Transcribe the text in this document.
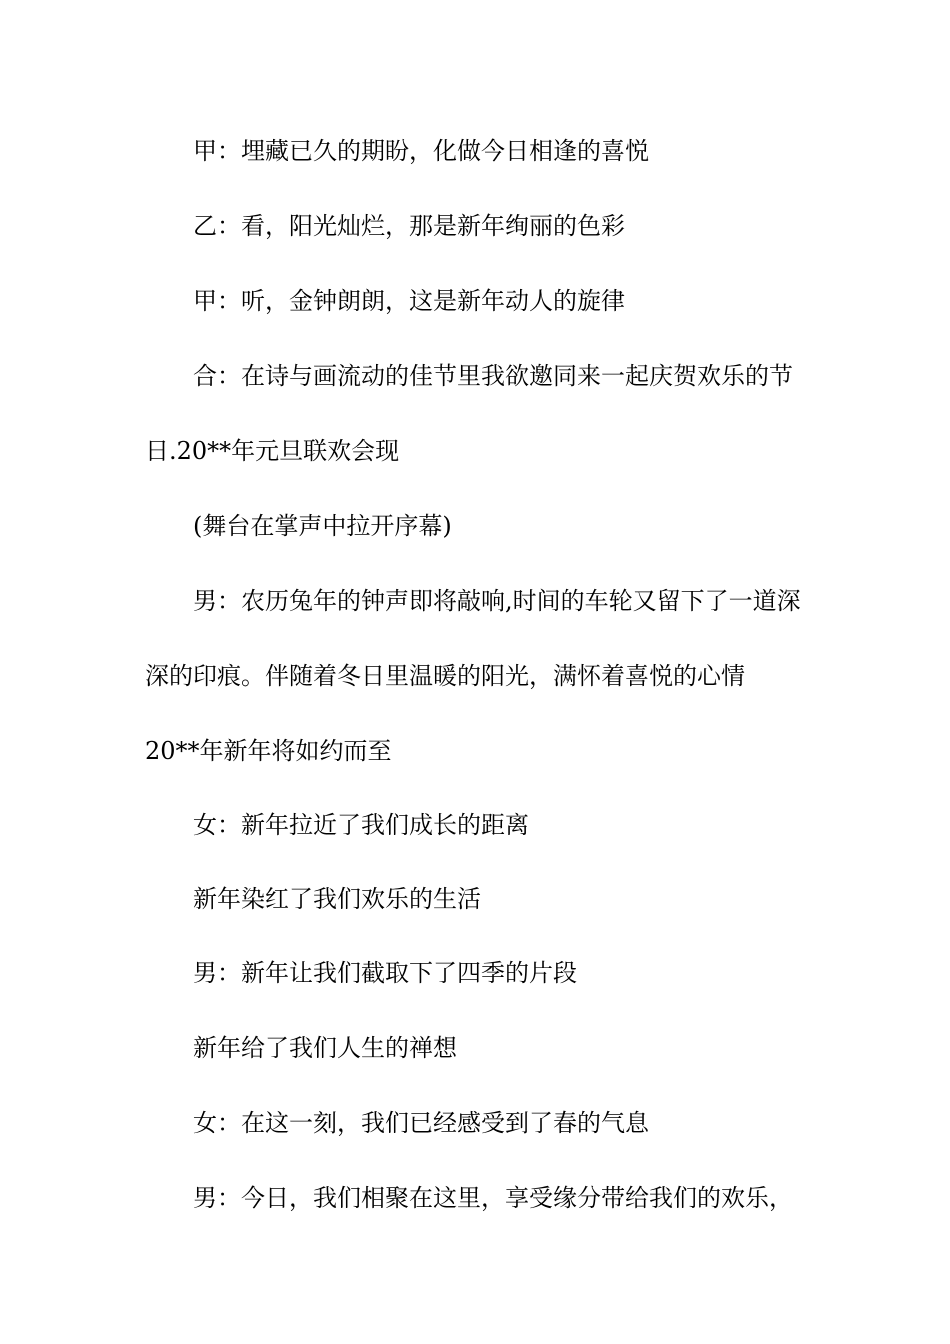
甲：埋藏已久的期盼，化做今日相逢的喜悦
乙：看，阳光灿烂，那是新年绚丽的色彩
甲：听，金钟朗朗，这是新年动人的旋律
合：在诗与画流动的佳节里我欲邀同来一起庆贺欢乐的节
日.20**年元旦联欢会现
(舞台在掌声中拉开序幕)
男：农历兔年的钟声即将敲响,时间的车轮又留下了一道深
深的印痕。伴随着冬日里温暖的阳光，满怀着喜悦的心情
20**年新年将如约而至
女：新年拉近了我们成长的距离
新年染红了我们欢乐的生活
男：新年让我们截取下了四季的片段
新年给了我们人生的禅想
女：在这一刻，我们已经感受到了春的气息
男：今日，我们相聚在这里，享受缘分带给我们的欢乐，
